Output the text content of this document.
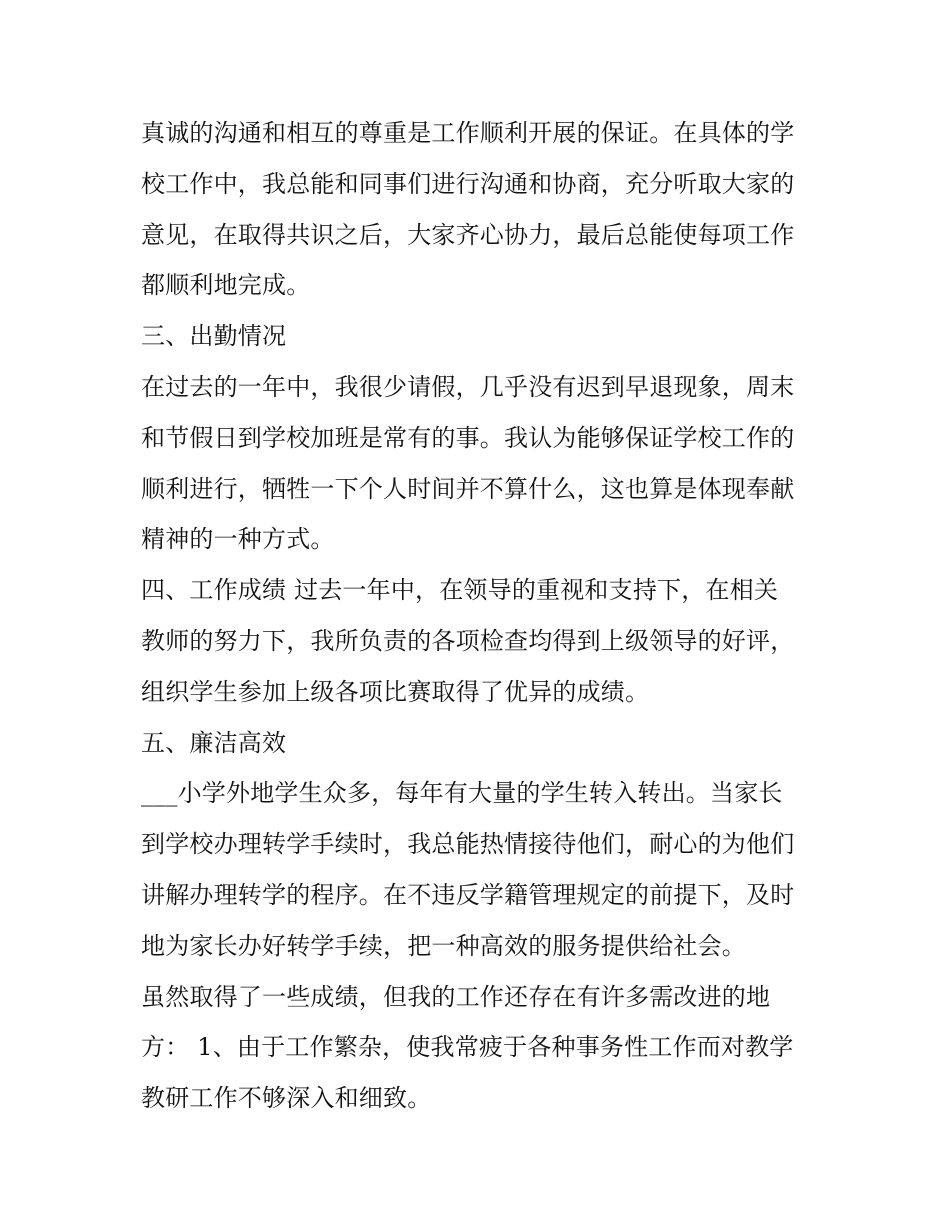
真诚的沟通和相互的尊重是工作顺利开展的保证。在具体的学
校工作中，我总能和同事们进行沟通和协商，充分听取大家的
意见，在取得共识之后，大家齐心协力，最后总能使每项工作
都顺利地完成。
三、出勤情况
在过去的一年中，我很少请假，几乎没有迟到早退现象，周末
和节假日到学校加班是常有的事。我认为能够保证学校工作的
顺利进行，牺牲一下个人时间并不算什么，这也算是体现奉献
精神的一种方式。
四、工作成绩 过去一年中，在领导的重视和支持下，在相关
教师的努力下，我所负责的各项检查均得到上级领导的好评，
组织学生参加上级各项比赛取得了优异的成绩。
五、廉洁高效
___小学外地学生众多，每年有大量的学生转入转出。当家长
到学校办理转学手续时，我总能热情接待他们，耐心的为他们
讲解办理转学的程序。在不违反学籍管理规定的前提下，及时
地为家长办好转学手续，把一种高效的服务提供给社会。
虽然取得了一些成绩，但我的工作还存在有许多需改进的地
方： 1、由于工作繁杂，使我常疲于各种事务性工作而对教学
教研工作不够深入和细致。
